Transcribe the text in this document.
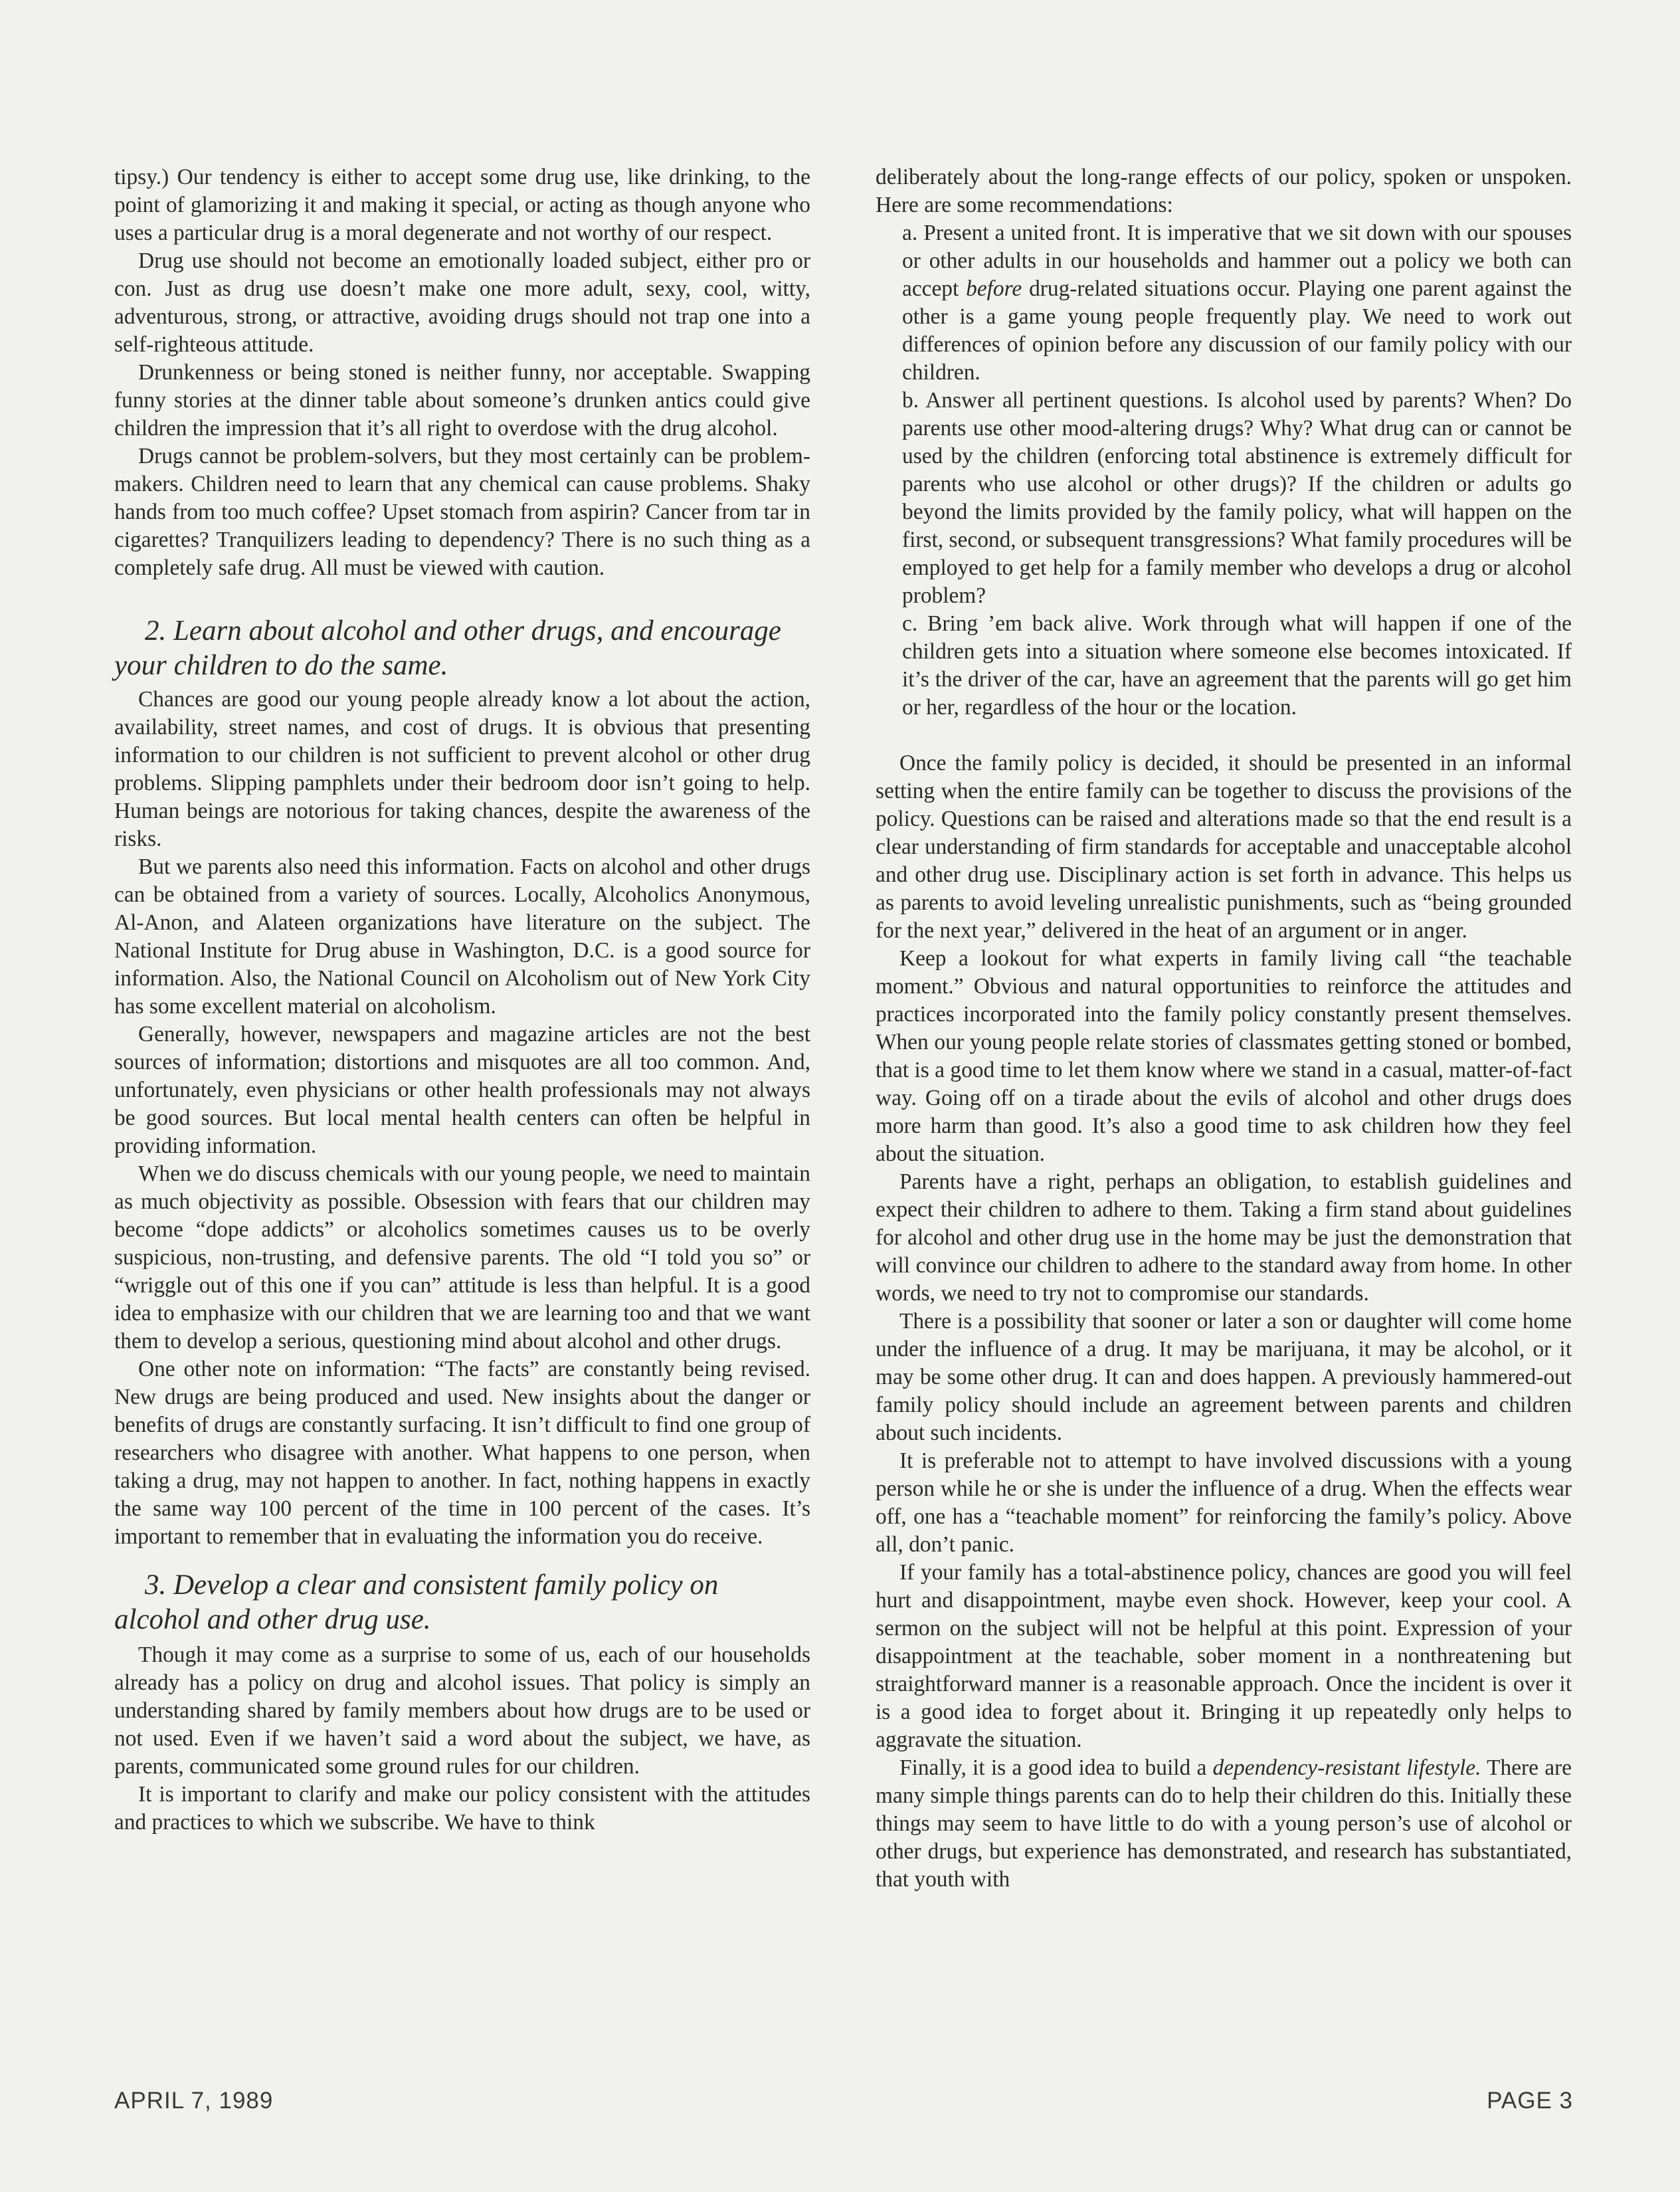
tipsy.) Our tendency is either to accept some drug use, like drinking, to the point of glamorizing it and making it special, or acting as though anyone who uses a particular drug is a moral degenerate and not worthy of our respect.

Drug use should not become an emotionally loaded subject, either pro or con. Just as drug use doesn’t make one more adult, sexy, cool, witty, adventurous, strong, or attractive, avoiding drugs should not trap one into a self-righteous attitude.

Drunkenness or being stoned is neither funny, nor acceptable. Swapping funny stories at the dinner table about someone’s drunken antics could give children the impression that it’s all right to overdose with the drug alcohol.

Drugs cannot be problem-solvers, but they most certainly can be problem-makers. Children need to learn that any chemical can cause problems. Shaky hands from too much coffee? Upset stomach from aspirin? Cancer from tar in cigarettes? Tranquilizers leading to dependency? There is no such thing as a completely safe drug. All must be viewed with caution.

2. Learn about alcohol and other drugs, and encourage your children to do the same.

Chances are good our young people already know a lot about the action, availability, street names, and cost of drugs. It is obvious that presenting information to our children is not sufficient to prevent alcohol or other drug problems. Slipping pamphlets under their bedroom door isn’t going to help. Human beings are notorious for taking chances, despite the awareness of the risks.

But we parents also need this information. Facts on alcohol and other drugs can be obtained from a variety of sources. Locally, Alcoholics Anonymous, Al-Anon, and Alateen organizations have literature on the subject. The National Institute for Drug abuse in Washington, D.C. is a good source for information. Also, the National Council on Alcoholism out of New York City has some excellent material on alcoholism.

Generally, however, newspapers and magazine articles are not the best sources of information; distortions and misquotes are all too common. And, unfortunately, even physicians or other health professionals may not always be good sources. But local mental health centers can often be helpful in providing information.

When we do discuss chemicals with our young people, we need to maintain as much objectivity as possible. Obsession with fears that our children may become “dope addicts” or alcoholics sometimes causes us to be overly suspicious, non-trusting, and defensive parents. The old “I told you so” or “wriggle out of this one if you can” attitude is less than helpful. It is a good idea to emphasize with our children that we are learning too and that we want them to develop a serious, questioning mind about alcohol and other drugs.

One other note on information: “The facts” are constantly being revised. New drugs are being produced and used. New insights about the danger or benefits of drugs are constantly surfacing. It isn’t difficult to find one group of researchers who disagree with another. What happens to one person, when taking a drug, may not happen to another. In fact, nothing happens in exactly the same way 100 percent of the time in 100 percent of the cases. It’s important to remember that in evaluating the information you do receive.

3. Develop a clear and consistent family policy on alcohol and other drug use.

Though it may come as a surprise to some of us, each of our households already has a policy on drug and alcohol issues. That policy is simply an understanding shared by family members about how drugs are to be used or not used. Even if we haven’t said a word about the subject, we have, as parents, communicated some ground rules for our children.

It is important to clarify and make our policy consistent with the attitudes and practices to which we subscribe. We have to think

deliberately about the long-range effects of our policy, spoken or unspoken. Here are some recommendations:

a. Present a united front. It is imperative that we sit down with our spouses or other adults in our households and hammer out a policy we both can accept before drug-related situations occur. Playing one parent against the other is a game young people frequently play. We need to work out differences of opinion before any discussion of our family policy with our children.

b. Answer all pertinent questions. Is alcohol used by parents? When? Do parents use other mood-altering drugs? Why? What drug can or cannot be used by the children (enforcing total abstinence is extremely difficult for parents who use alcohol or other drugs)? If the children or adults go beyond the limits provided by the family policy, what will happen on the first, second, or subsequent transgressions? What family procedures will be employed to get help for a family member who develops a drug or alcohol problem?

c. Bring ’em back alive. Work through what will happen if one of the children gets into a situation where someone else becomes intoxicated. If it’s the driver of the car, have an agreement that the parents will go get him or her, regardless of the hour or the location.

Once the family policy is decided, it should be presented in an informal setting when the entire family can be together to discuss the provisions of the policy. Questions can be raised and alterations made so that the end result is a clear understanding of firm standards for acceptable and unacceptable alcohol and other drug use. Disciplinary action is set forth in advance. This helps us as parents to avoid leveling unrealistic punishments, such as “being grounded for the next year,” delivered in the heat of an argument or in anger.

Keep a lookout for what experts in family living call “the teachable moment.” Obvious and natural opportunities to reinforce the attitudes and practices incorporated into the family policy constantly present themselves. When our young people relate stories of classmates getting stoned or bombed, that is a good time to let them know where we stand in a casual, matter-of-fact way. Going off on a tirade about the evils of alcohol and other drugs does more harm than good. It’s also a good time to ask children how they feel about the situation.

Parents have a right, perhaps an obligation, to establish guidelines and expect their children to adhere to them. Taking a firm stand about guidelines for alcohol and other drug use in the home may be just the demonstration that will convince our children to adhere to the standard away from home. In other words, we need to try not to compromise our standards.

There is a possibility that sooner or later a son or daughter will come home under the influence of a drug. It may be marijuana, it may be alcohol, or it may be some other drug. It can and does happen. A previously hammered-out family policy should include an agreement between parents and children about such incidents.

It is preferable not to attempt to have involved discussions with a young person while he or she is under the influence of a drug. When the effects wear off, one has a “teachable moment” for reinforcing the family’s policy. Above all, don’t panic.

If your family has a total-abstinence policy, chances are good you will feel hurt and disappointment, maybe even shock. However, keep your cool. A sermon on the subject will not be helpful at this point. Expression of your disappointment at the teachable, sober moment in a nonthreatening but straightforward manner is a reasonable approach. Once the incident is over it is a good idea to forget about it. Bringing it up repeatedly only helps to aggravate the situation.

Finally, it is a good idea to build a dependency-resistant lifestyle. There are many simple things parents can do to help their children do this. Initially these things may seem to have little to do with a young person’s use of alcohol or other drugs, but experience has demonstrated, and research has substantiated, that youth with

APRIL 7, 1989	PAGE 3
